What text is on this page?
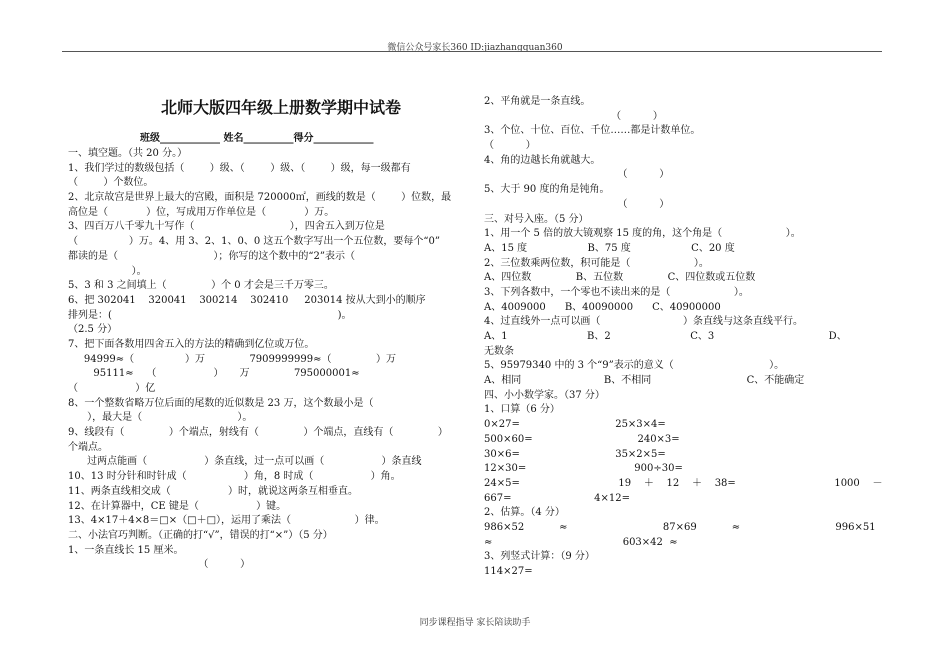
微信公众号家长360 ID:jiazhangquan360
北师大版四年级上册数学期中试卷
班级____________ 姓名__________得分____________
一、填空题。（共 20 分。）
1、我们学过的数级包括（        ）级、（        ）级、（        ）级，每一级都有
（        ）个数位。
2、北京故宫是世界上最大的宫殿，面积是 720000㎡，画线的数是（        ）位数，最
高位是（            ）位，写成用万作单位是（            ）万。
3、四百万八千零九十写作（                              ），四舍五入到万位是
（                ）万。4、用 3、2、1、0、0 这五个数字写出一个五位数，要每个“0”
都读的是（                              ）；你写的这个数中的“2”表示（
）。
5、3 和 3 之间填上（              ）个 0 才会是三千万零三。
6、把 302041    320041    300214    302410     203014 按从大到小的顺序
排列是：(                                                                       )。
（2.5 分）
7、把下面各数用四舍五入的方法的精确到亿位或万位。
94999≈（                ）万              7909999999≈（              ）万
95111≈    （                  ）     万              795000001≈
（                  ）亿
8、一个整数省略万位后面的尾数的近似数是 23 万，这个数最小是（
），最大是（                              ）。
9、线段有（              ）个端点，射线有（              ）个端点，直线有（              ）
个端点。
过两点能画（                  ）条直线，过一点可以画（                  ）条直线
10、13 时分针和时针成（                  ）角，8 时成（                  ）角。
11、两条直线相交成（                  ）时，就说这两条互相垂直。
12、在计算器中，CE 键是（                  ）键。
13、4×17＋4×8＝□×（□＋□），运用了乘法（                    ）律。
二、小法官巧判断。（正确的打“√”，错误的打“×”）（5 分）
1、一条直线长 15 厘米。
（          ）
2、平角就是一条直线。
（          ）
3、个位、十位、百位、千位……都是计数单位。
（          ）
4、角的边越长角就越大。
（          ）
5、大于 90 度的角是钝角。
（          ）
三、对号入座。（5 分）
1、用一个 5 倍的放大镜观察 15 度的角，这个角是（                    ）。
A、15 度                   B、75 度                   C、20 度
2、三位数乘两位数，积可能是（                    ）。
A、四位数              B、五位数              C、四位数或五位数
3、下列各数中，一个零也不读出来的是（                    ）。
A、4009000      B、40090000      C、40900000
4、过直线外一点可以画（                          ）条直线与这条直线平行。
A、1                         B、2                         C、3                                    D、
无数条
5、95979340 中的 3 个“9”表示的意义（                              ）。
A、相同                          B、不相同                              C、不能确定
四、小小数学家。（37 分）
1、口算（6 分）
0×27=                              25×3×4=
500×60=                                 240×3=
30×6=                              35×2×5=
12×30=                                  900÷30=
24×5=                               19    ＋    12    ＋    38=                               1000    －
667=                          4×12=
2、估算。（4 分）
986×52           ≈                              87×69           ≈                              996×51
≈                                         603×42  ≈
3、列竖式计算：（9 分）
114×27=
同步课程指导 家长陪读助手
